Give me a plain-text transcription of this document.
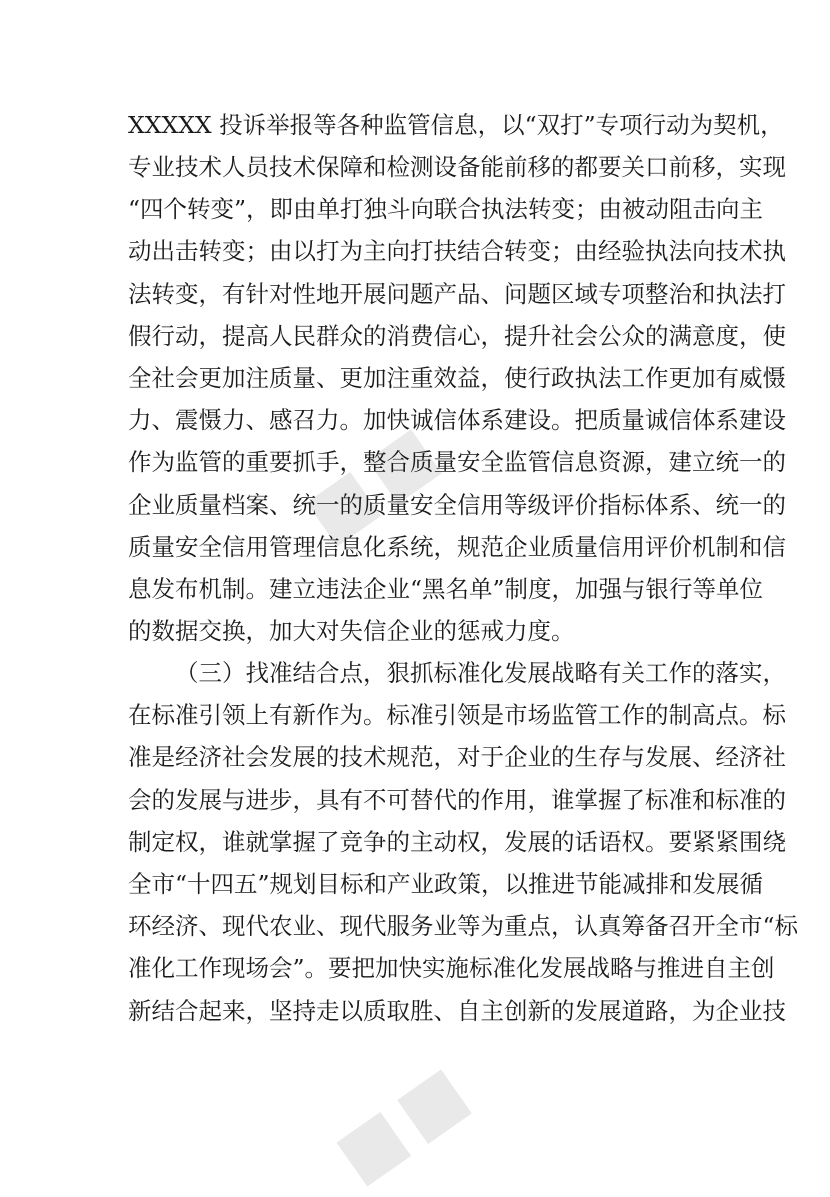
■■
■■
XXXXX 投诉举报等各种监管信息，以“双打”专项行动为契机，
专业技术人员技术保障和检测设备能前移的都要关口前移，实现
“四个转变”，即由单打独斗向联合执法转变；由被动阻击向主
动出击转变；由以打为主向打扶结合转变；由经验执法向技术执
法转变，有针对性地开展问题产品、问题区域专项整治和执法打
假行动，提高人民群众的消费信心，提升社会公众的满意度，使
全社会更加注质量、更加注重效益，使行政执法工作更加有威慑
力、震慑力、感召力。加快诚信体系建设。把质量诚信体系建设
作为监管的重要抓手，整合质量安全监管信息资源，建立统一的
企业质量档案、统一的质量安全信用等级评价指标体系、统一的
质量安全信用管理信息化系统，规范企业质量信用评价机制和信
息发布机制。建立违法企业“黑名单”制度，加强与银行等单位
的数据交换，加大对失信企业的惩戒力度。
（三）找准结合点，狠抓标准化发展战略有关工作的落实，
在标准引领上有新作为。标准引领是市场监管工作的制高点。标
准是经济社会发展的技术规范，对于企业的生存与发展、经济社
会的发展与进步，具有不可替代的作用，谁掌握了标准和标准的
制定权，谁就掌握了竞争的主动权，发展的话语权。要紧紧围绕
全市“十四五”规划目标和产业政策，以推进节能减排和发展循
环经济、现代农业、现代服务业等为重点，认真筹备召开全市“标
准化工作现场会”。要把加快实施标准化发展战略与推进自主创
新结合起来，坚持走以质取胜、自主创新的发展道路，为企业技
